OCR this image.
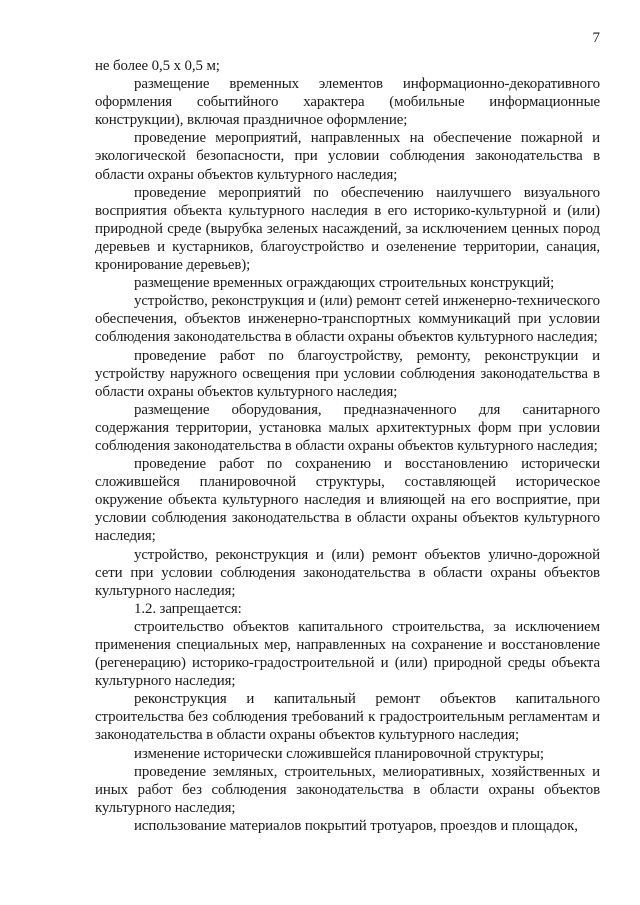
7

не более 0,5 х 0,5 м;

размещение временных элементов информационно-декоративного оформления событийного характера (мобильные информационные конструкции), включая праздничное оформление;

проведение мероприятий, направленных на обеспечение пожарной и экологической безопасности, при условии соблюдения законодательства в области охраны объектов культурного наследия;

проведение мероприятий по обеспечению наилучшего визуального восприятия объекта культурного наследия в его историко-культурной и (или) природной среде (вырубка зеленых насаждений, за исключением ценных пород деревьев и кустарников, благоустройство и озеленение территории, санация, кронирование деревьев);

размещение временных ограждающих строительных конструкций;

устройство, реконструкция и (или) ремонт сетей инженерно-технического обеспечения, объектов инженерно-транспортных коммуникаций при условии соблюдения законодательства в области охраны объектов культурного наследия;

проведение работ по благоустройству, ремонту, реконструкции и устройству наружного освещения при условии соблюдения законодательства в области охраны объектов культурного наследия;

размещение оборудования, предназначенного для санитарного содержания территории, установка малых архитектурных форм при условии соблюдения законодательства в области охраны объектов культурного наследия;

проведение работ по сохранению и восстановлению исторически сложившейся планировочной структуры, составляющей историческое окружение объекта культурного наследия и влияющей на его восприятие, при условии соблюдения законодательства в области охраны объектов культурного наследия;

устройство, реконструкция и (или) ремонт объектов улично-дорожной сети при условии соблюдения законодательства в области охраны объектов культурного наследия;

1.2. запрещается:

строительство объектов капитального строительства, за исключением применения специальных мер, направленных на сохранение и восстановление (регенерацию) историко-градостроительной и (или) природной среды объекта культурного наследия;

реконструкция и капитальный ремонт объектов капитального строительства без соблюдения требований к градостроительным регламентам и законодательства в области охраны объектов культурного наследия;

изменение исторически сложившейся планировочной структуры;

проведение земляных, строительных, мелиоративных, хозяйственных и иных работ без соблюдения законодательства в области охраны объектов культурного наследия;

использование материалов покрытий тротуаров, проездов и площадок,
